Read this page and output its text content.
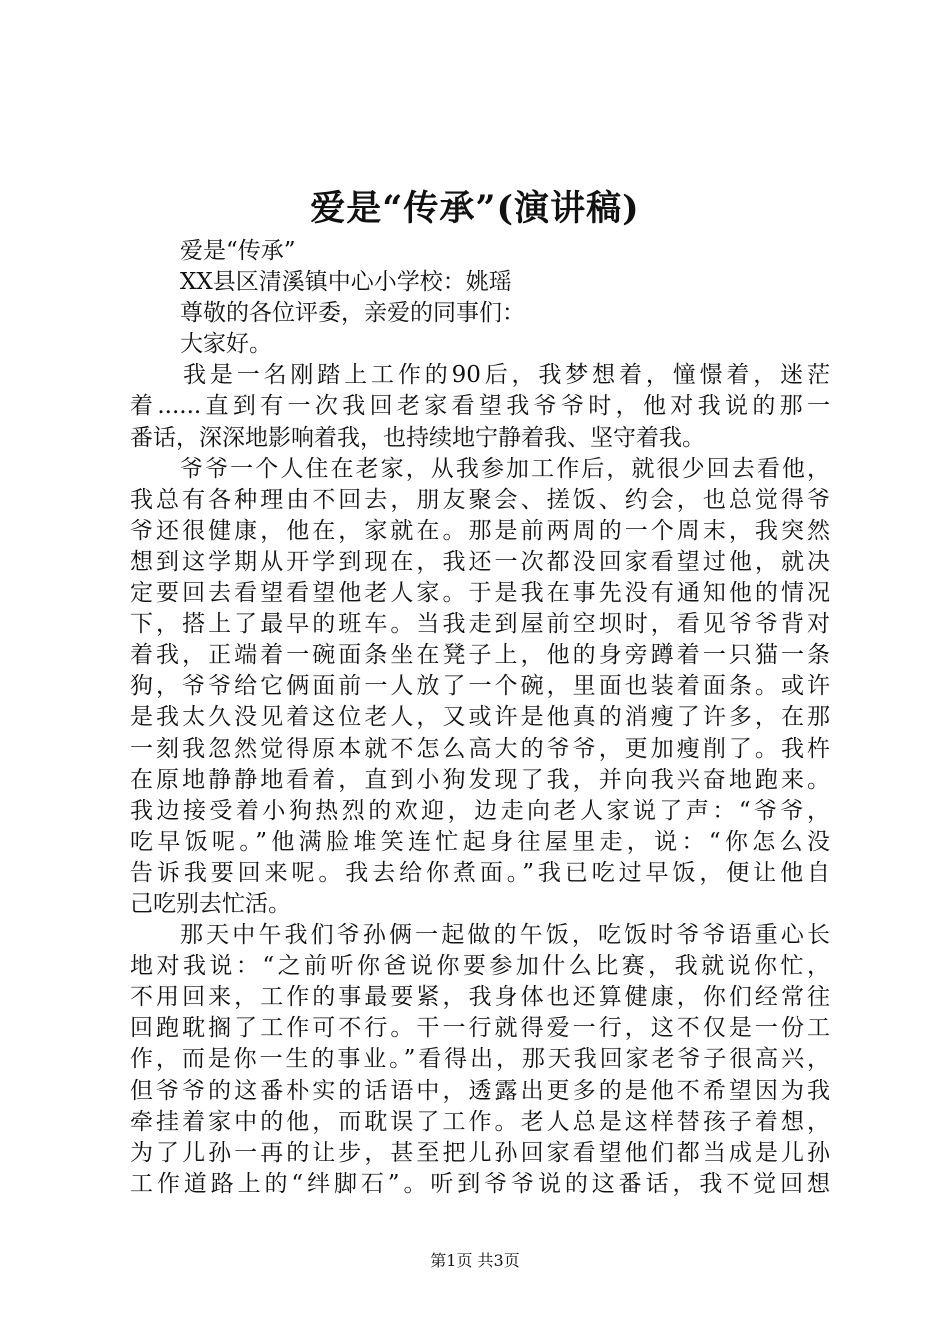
爱是“传承”(演讲稿)
爱是“传承”
XX县区清溪镇中心小学校：姚瑶
尊敬的各位评委，亲爱的同事们：
大家好。
我是一名刚踏上工作的90后，我梦想着，憧憬着，迷茫
着......直到有一次我回老家看望我爷爷时，他对我说的那一
番话，深深地影响着我，也持续地宁静着我、坚守着我。
爷爷一个人住在老家，从我参加工作后，就很少回去看他，
我总有各种理由不回去，朋友聚会、搓饭、约会，也总觉得爷
爷还很健康，他在，家就在。那是前两周的一个周末，我突然
想到这学期从开学到现在，我还一次都没回家看望过他，就决
定要回去看望看望他老人家。于是我在事先没有通知他的情况
下，搭上了最早的班车。当我走到屋前空坝时，看见爷爷背对
着我，正端着一碗面条坐在凳子上，他的身旁蹲着一只猫一条
狗，爷爷给它俩面前一人放了一个碗，里面也装着面条。或许
是我太久没见着这位老人，又或许是他真的消瘦了许多，在那
一刻我忽然觉得原本就不怎么高大的爷爷，更加瘦削了。我杵
在原地静静地看着，直到小狗发现了我，并向我兴奋地跑来。
我边接受着小狗热烈的欢迎，边走向老人家说了声：“爷爷，
吃早饭呢。”他满脸堆笑连忙起身往屋里走，说：“你怎么没
告诉我要回来呢。我去给你煮面。”我已吃过早饭，便让他自
己吃别去忙活。
那天中午我们爷孙俩一起做的午饭，吃饭时爷爷语重心长
地对我说：“之前听你爸说你要参加什么比赛，我就说你忙，
不用回来，工作的事最要紧，我身体也还算健康，你们经常往
回跑耽搁了工作可不行。干一行就得爱一行，这不仅是一份工
作，而是你一生的事业。”看得出，那天我回家老爷子很高兴，
但爷爷的这番朴实的话语中，透露出更多的是他不希望因为我
牵挂着家中的他，而耽误了工作。老人总是这样替孩子着想，
为了儿孙一再的让步，甚至把儿孙回家看望他们都当成是儿孙
工作道路上的“绊脚石”。听到爷爷说的这番话，我不觉回想
第1页 共3页
